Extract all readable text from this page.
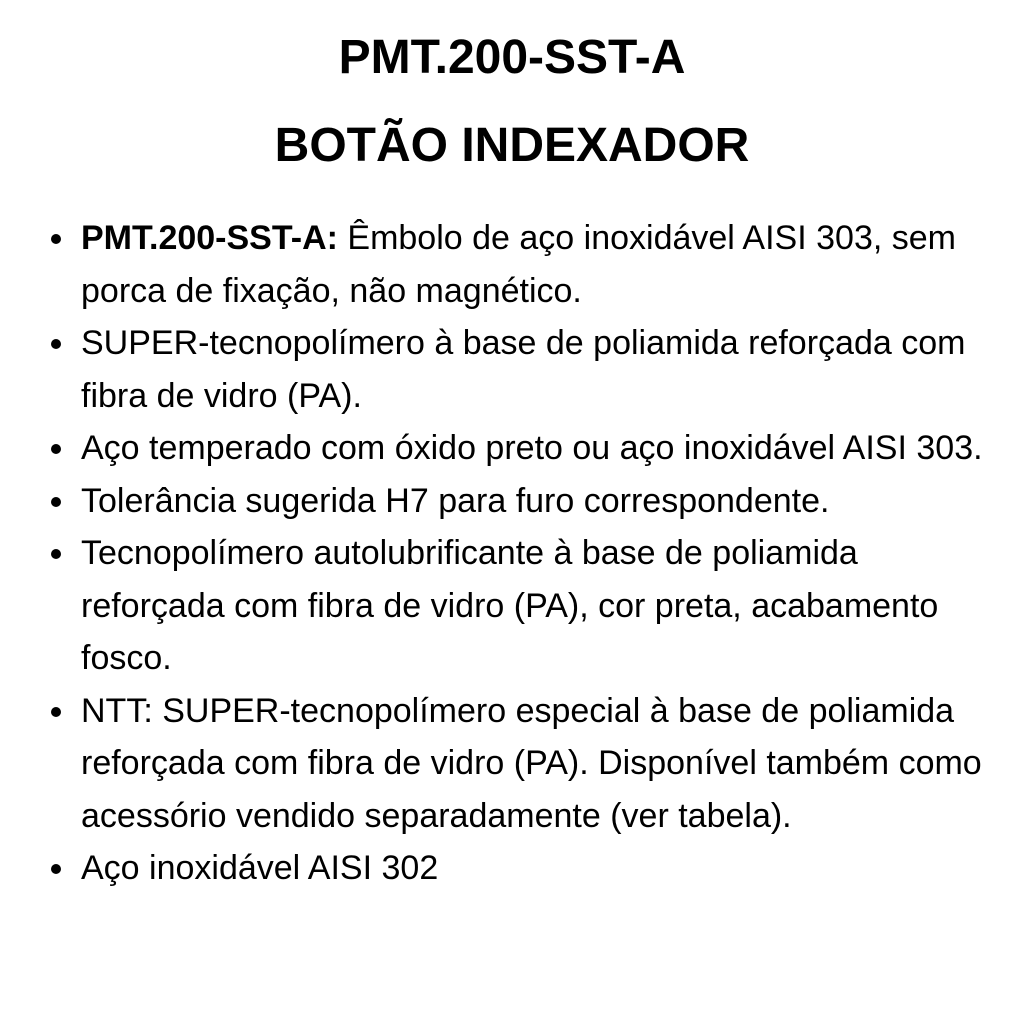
PMT.200-SST-A
BOTÃO INDEXADOR
PMT.200-SST-A: Êmbolo de aço inoxidável AISI 303, sem porca de fixação, não magnético.
SUPER-tecnopolímero à base de poliamida reforçada com fibra de vidro (PA).
Aço temperado com óxido preto ou aço inoxidável AISI 303.
Tolerância sugerida H7 para furo correspondente.
Tecnopolímero autolubrificante à base de poliamida reforçada com fibra de vidro (PA), cor preta, acabamento fosco.
NTT: SUPER-tecnopolímero especial à base de poliamida reforçada com fibra de vidro (PA). Disponível também como acessório vendido separadamente (ver tabela).
Aço inoxidável AISI 302
